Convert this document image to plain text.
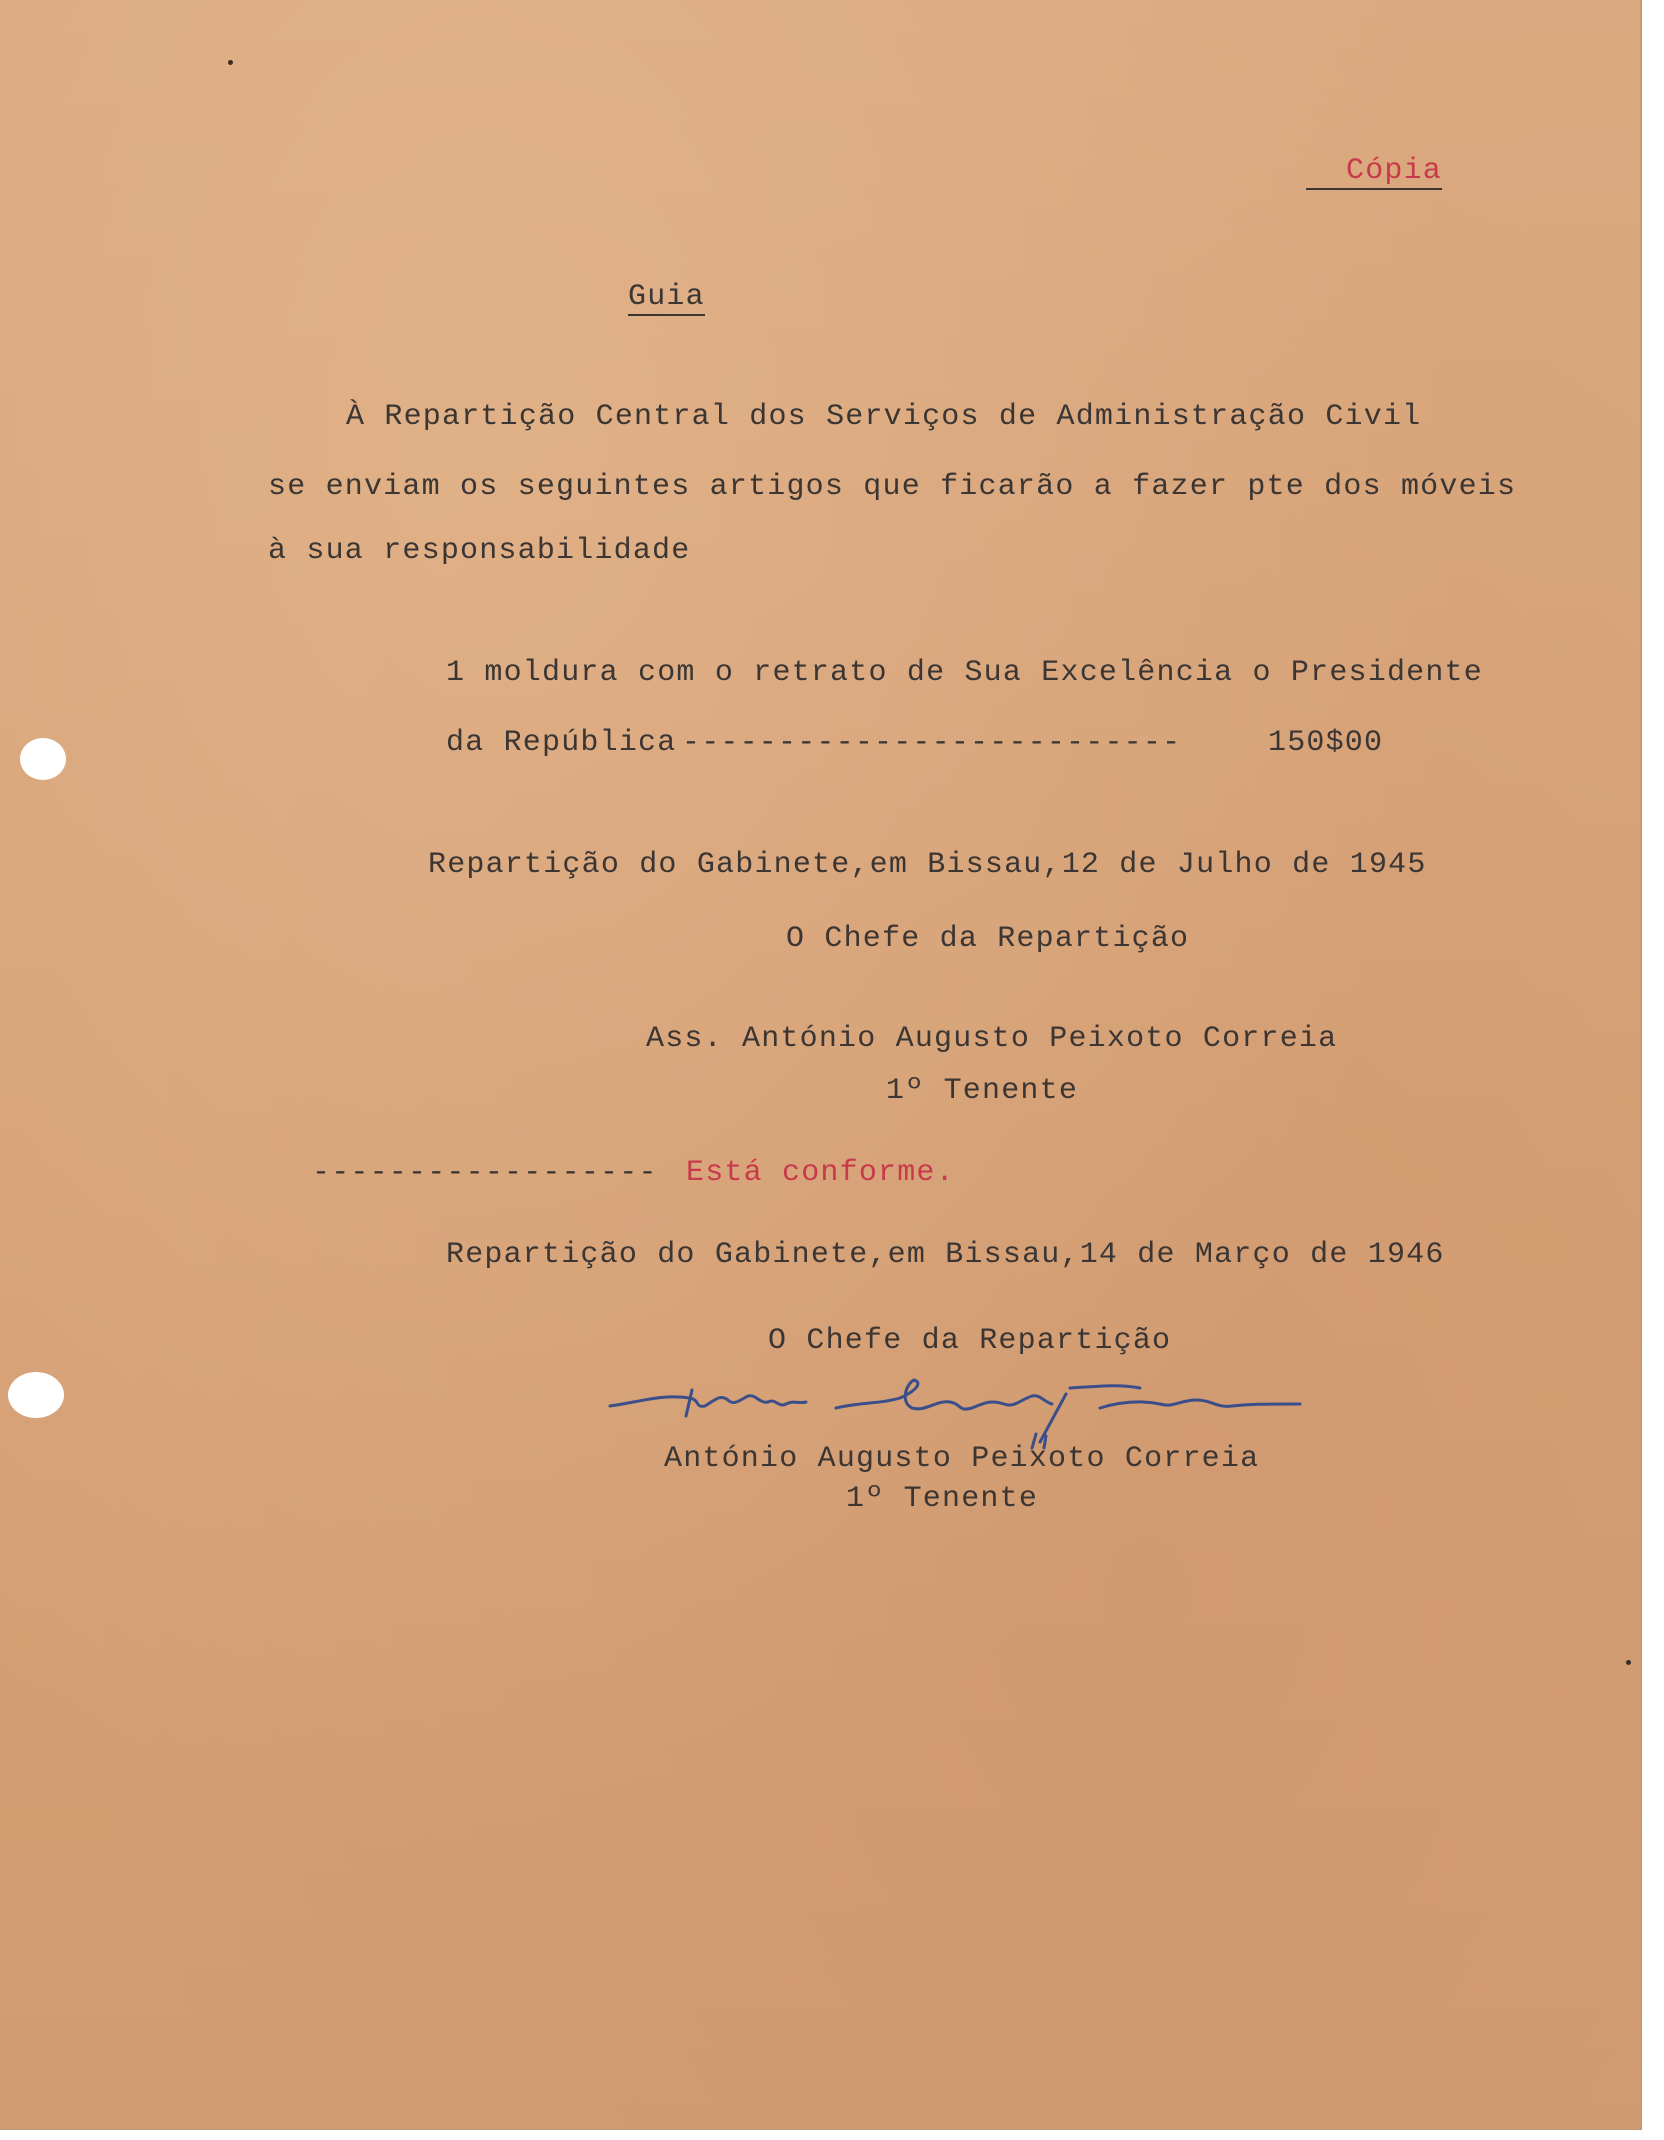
Cópia
Guia
À Repartição Central dos Serviços de Administração Civil
se enviam os seguintes artigos que ficarão a fazer pte dos móveis
à sua responsabilidade
1 moldura com o retrato de Sua Excelência o Presidente
da República --------------------------	150$00
Repartição do Gabinete,em Bissau,12 de Julho de 1945
O Chefe da Repartição
Ass. António Augusto Peixoto Correia
1º Tenente
------------------ Está conforme.
Repartição do Gabinete,em Bissau,14 de Março de 1946
O Chefe da Repartição
António Augusto Peixoto Correia
1º Tenente
